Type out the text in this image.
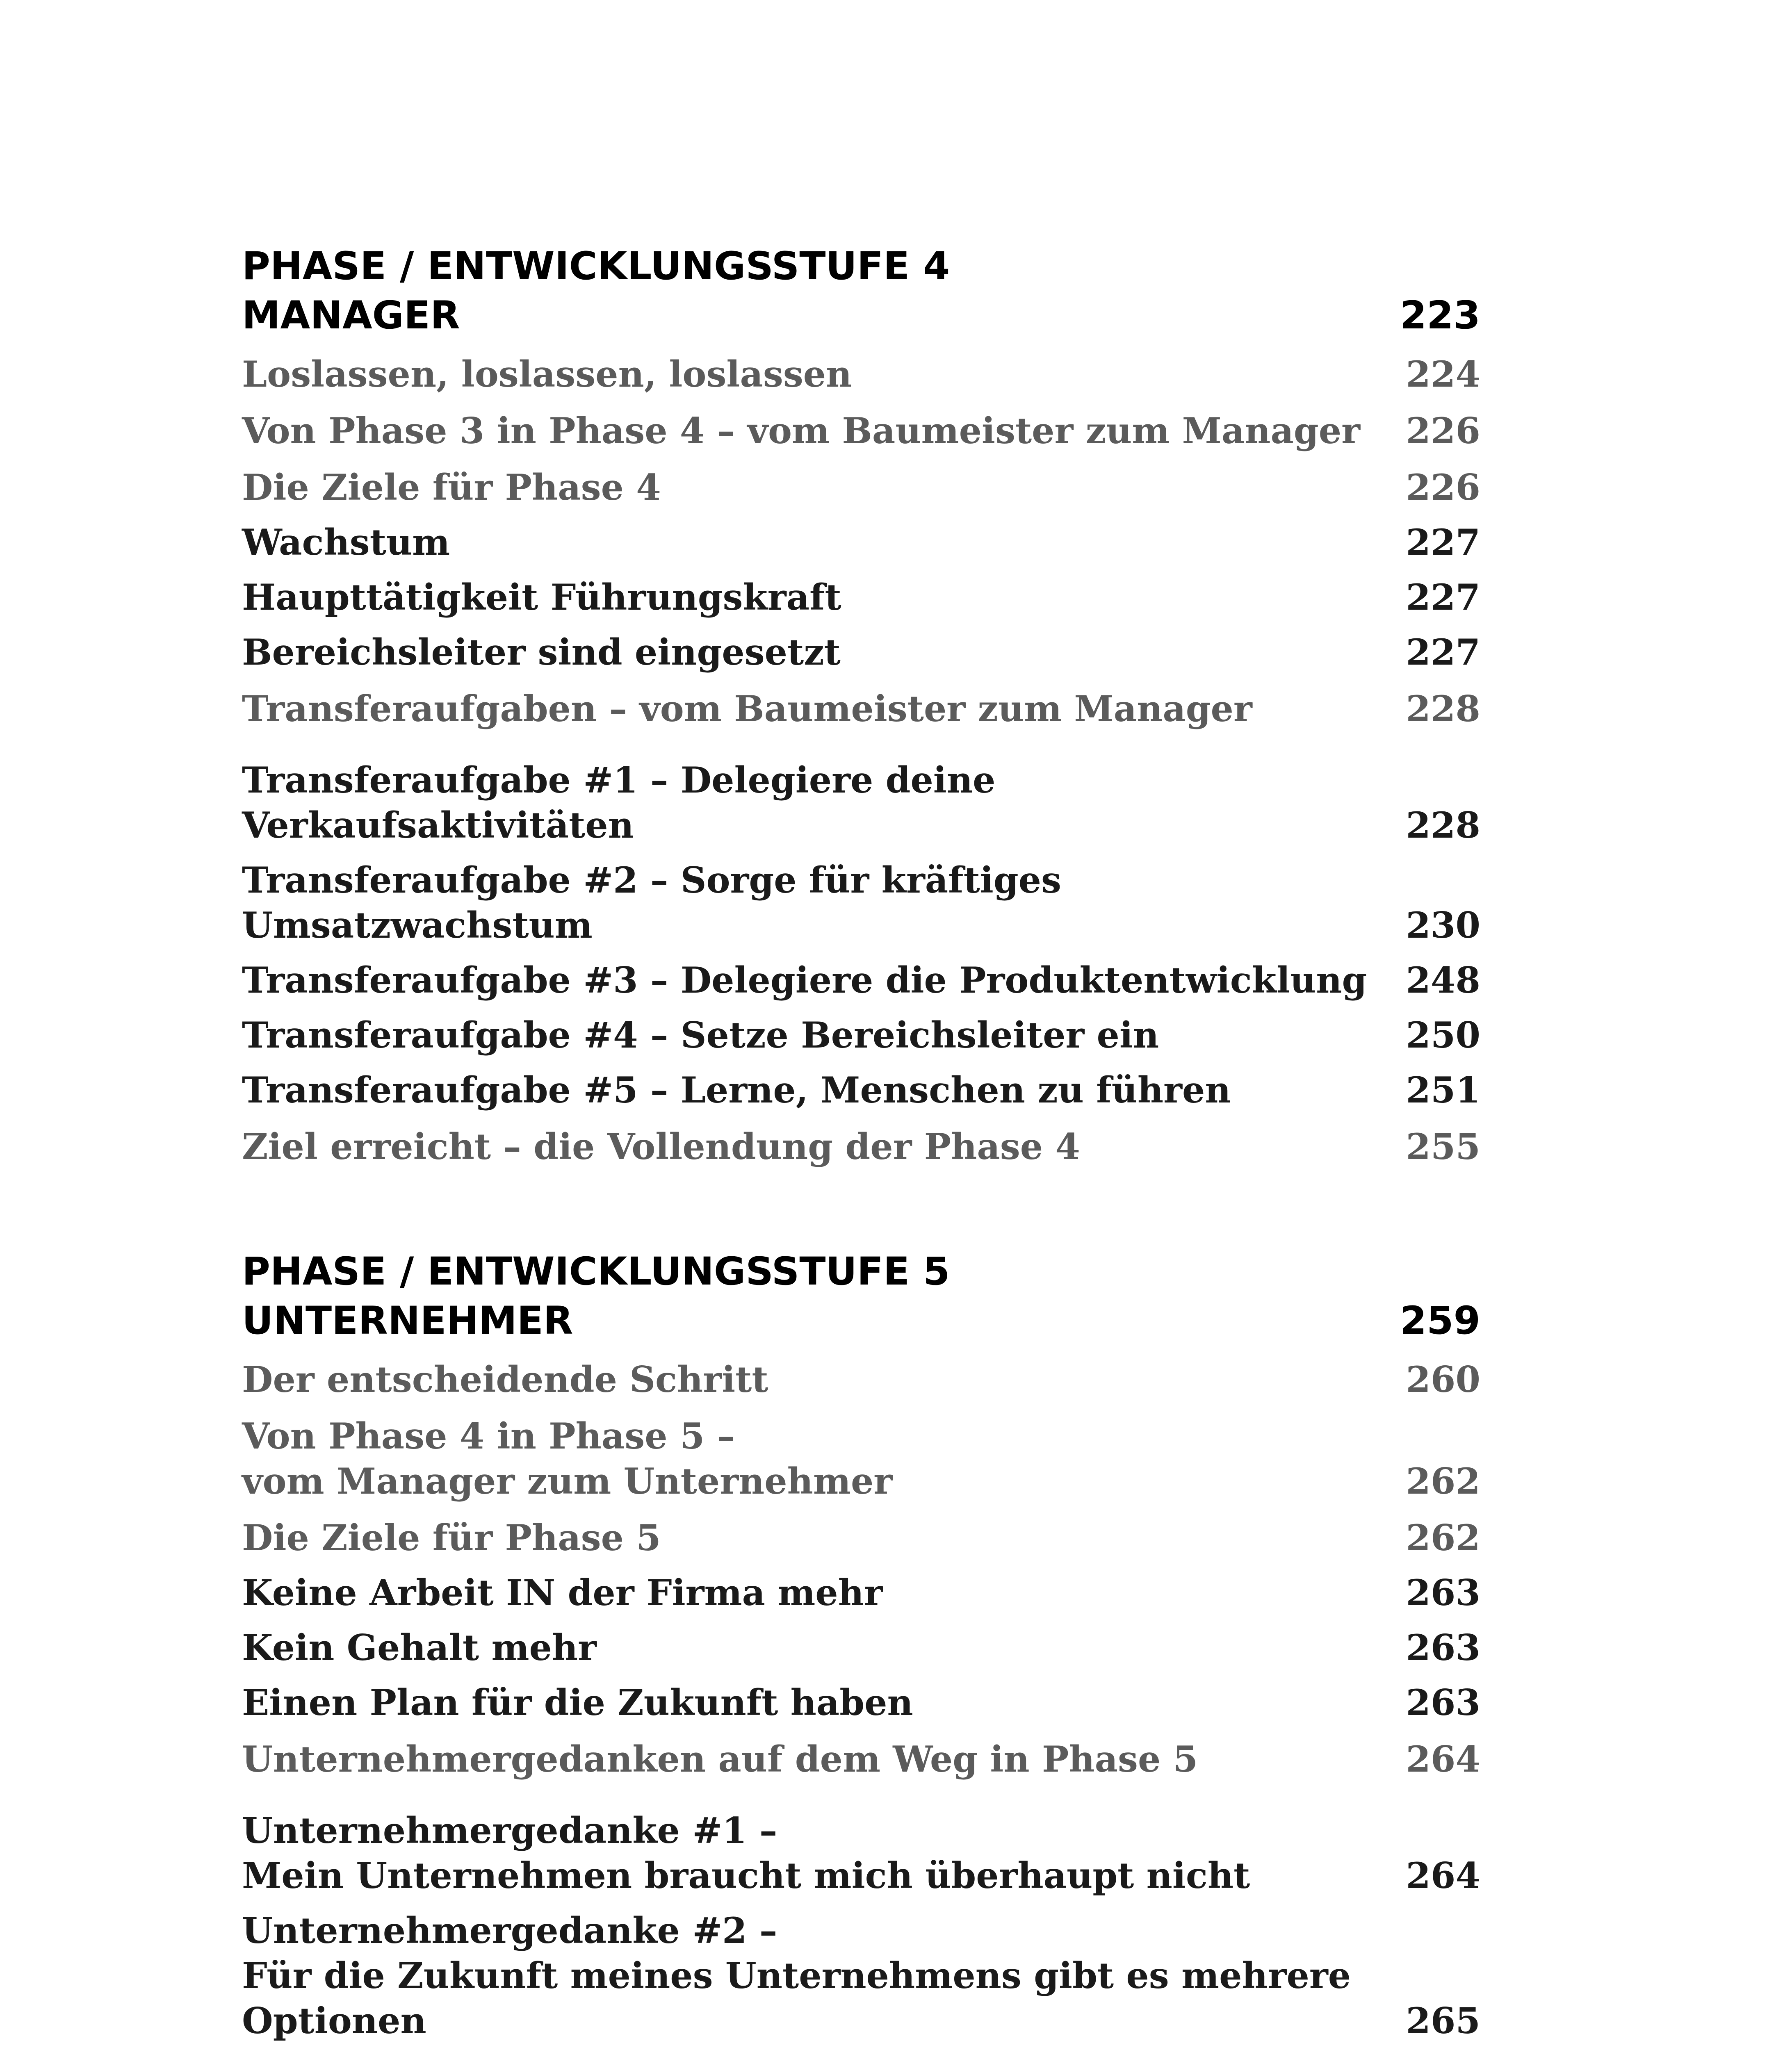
PHASE / ENTWICKLUNGSSTUFE 4
MANAGER	223
Loslassen, loslassen, loslassen	224
Von Phase 3 in Phase 4 – vom Baumeister zum Manager 226
Die Ziele für Phase 4	226
Wachstum	227
Haupttätigkeit Führungskraft	227
Bereichsleiter sind eingesetzt	227
Transferaufgaben – vom Baumeister zum Manager	228
Transferaufgabe #1 – Delegiere deine Verkaufsaktivitäten	228
Transferaufgabe #2 – Sorge für kräftiges Umsatzwachstum	230
Transferaufgabe #3 – Delegiere die Produktentwicklung 248
Transferaufgabe #4 – Setze Bereichsleiter ein	250
Transferaufgabe #5 – Lerne, Menschen zu führen	251
Ziel erreicht – die Vollendung der Phase 4	255
PHASE / ENTWICKLUNGSSTUFE 5
UNTERNEHMER	259
Der entscheidende Schritt	260
Von Phase 4 in Phase 5 –
vom Manager zum Unternehmer	262
Die Ziele für Phase 5	262
Keine Arbeit IN der Firma mehr	263
Kein Gehalt mehr	263
Einen Plan für die Zukunft haben	263
Unternehmergedanken auf dem Weg in Phase 5	264
Unternehmergedanke #1 –
Mein Unternehmen braucht mich überhaupt nicht	264
Unternehmergedanke #2 –
Für die Zukunft meines Unternehmens gibt es mehrere Optionen	265
